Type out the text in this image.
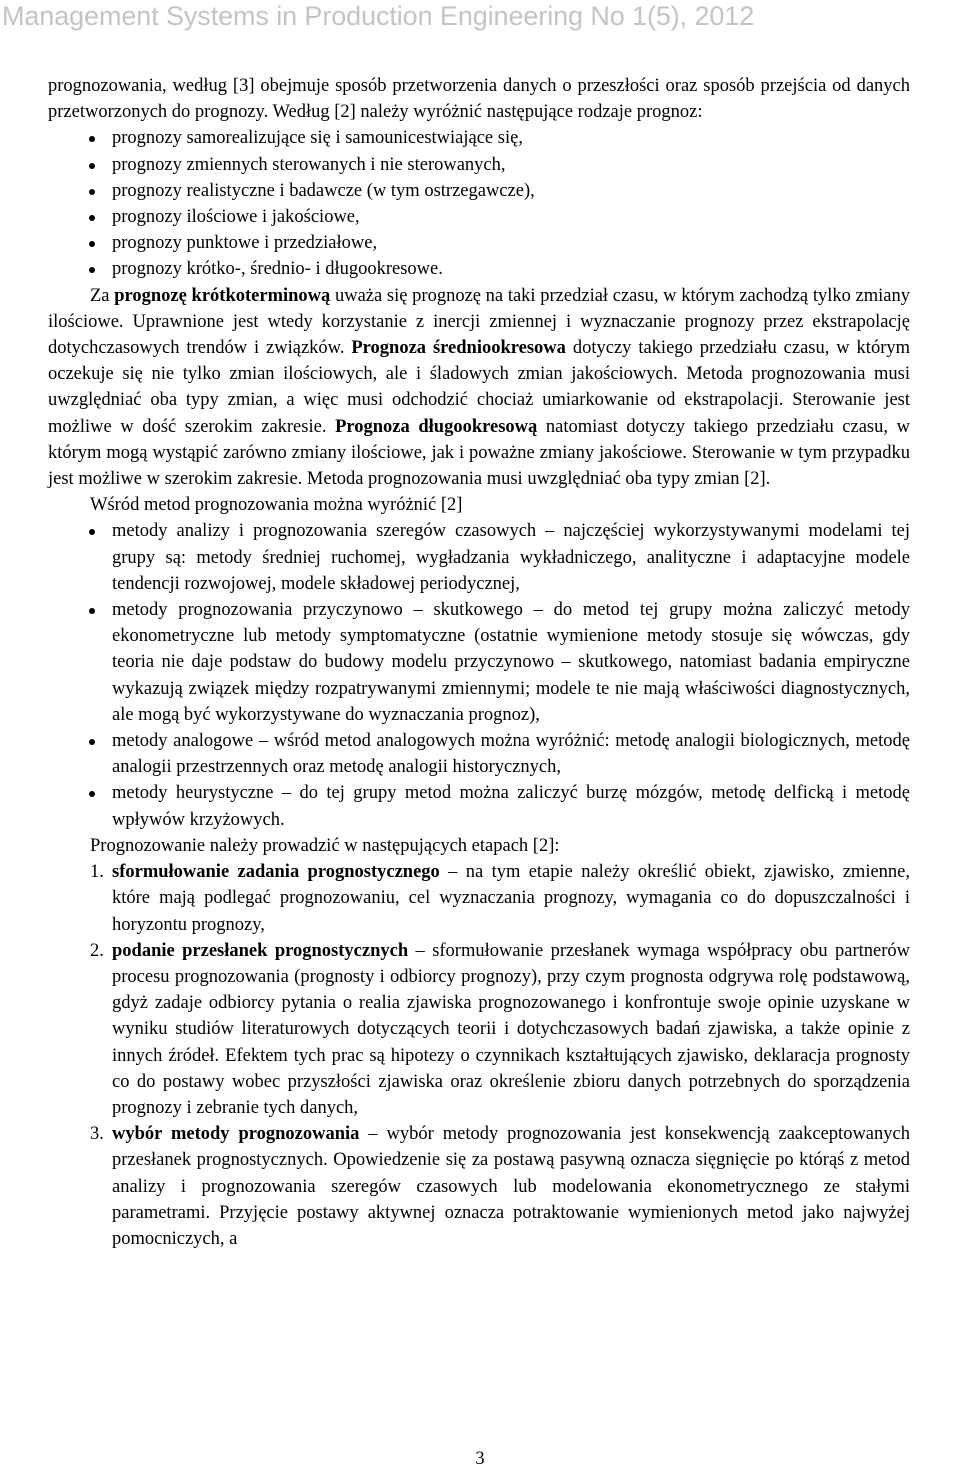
Management Systems in Production Engineering No 1(5), 2012

prognozowania, według [3] obejmuje sposób przetworzenia danych o przeszłości oraz sposób przejścia od danych przetworzonych do prognozy. Według [2] należy wyróżnić następujące rodzaje prognoz:

prognozy samorealizujące się i samounicestwiające się,
prognozy zmiennych sterowanych i nie sterowanych,
prognozy realistyczne i badawcze (w tym ostrzegawcze),
prognozy ilościowe i jakościowe,
prognozy punktowe i przedziałowe,
prognozy krótko-, średnio- i długookresowe.

Za prognozę krótkoterminową uważa się prognozę na taki przedział czasu, w którym zachodzą tylko zmiany ilościowe. Uprawnione jest wtedy korzystanie z inercji zmiennej i wyznaczanie prognozy przez ekstrapolację dotychczasowych trendów i związków. Prognoza średniookresowa dotyczy takiego przedziału czasu, w którym oczekuje się nie tylko zmian ilościowych, ale i śladowych zmian jakościowych. Metoda prognozowania musi uwzględniać oba typy zmian, a więc musi odchodzić chociaż umiarkowanie od ekstrapolacji. Sterowanie jest możliwe w dość szerokim zakresie. Prognoza długookresową natomiast dotyczy takiego przedziału czasu, w którym mogą wystąpić zarówno zmiany ilościowe, jak i poważne zmiany jakościowe. Sterowanie w tym przypadku jest możliwe w szerokim zakresie. Metoda prognozowania musi uwzględniać oba typy zmian [2].

Wśród metod prognozowania można wyróżnić [2]

metody analizy i prognozowania szeregów czasowych – najczęściej wykorzystywanymi modelami tej grupy są: metody średniej ruchomej, wygładzania wykładniczego, analityczne i adaptacyjne modele tendencji rozwojowej, modele składowej periodycznej,
metody prognozowania przyczynowo – skutkowego – do metod tej grupy można zaliczyć metody ekonometryczne lub metody symptomatyczne (ostatnie wymienione metody stosuje się wówczas, gdy teoria nie daje podstaw do budowy modelu przyczynowo – skutkowego, natomiast badania empiryczne wykazują związek między rozpatrywanymi zmiennymi; modele te nie mają właściwości diagnostycznych, ale mogą być wykorzystywane do wyznaczania prognoz),
metody analogowe – wśród metod analogowych można wyróżnić: metodę analogii biologicznych, metodę analogii przestrzennych oraz metodę analogii historycznych,
metody heurystyczne – do tej grupy metod można zaliczyć burzę mózgów, metodę delficką i metodę wpływów krzyżowych.

Prognozowanie należy prowadzić w następujących etapach [2]:

1. sformułowanie zadania prognostycznego – na tym etapie należy określić obiekt, zjawisko, zmienne, które mają podlegać prognozowaniu, cel wyznaczania prognozy, wymagania co do dopuszczalności i horyzontu prognozy,
2. podanie przesłanek prognostycznych – sformułowanie przesłanek wymaga współpracy obu partnerów procesu prognozowania (prognosty i odbiorcy prognozy), przy czym prognosta odgrywa rolę podstawową, gdyż zadaje odbiorcy pytania o realia zjawiska prognozowanego i konfrontuje swoje opinie uzyskane w wyniku studiów literaturowych dotyczących teorii i dotychczasowych badań zjawiska, a także opinie z innych źródeł. Efektem tych prac są hipotezy o czynnikach kształtujących zjawisko, deklaracja prognosty co do postawy wobec przyszłości zjawiska oraz określenie zbioru danych potrzebnych do sporządzenia prognozy i zebranie tych danych,
3. wybór metody prognozowania – wybór metody prognozowania jest konsekwencją zaakceptowanych przesłanek prognostycznych. Opowiedzenie się za postawą pasywną oznacza sięgnięcie po którąś z metod analizy i prognozowania szeregów czasowych lub modelowania ekonometrycznego ze stałymi parametrami. Przyjęcie postawy aktywnej oznacza potraktowanie wymienionych metod jako najwyżej pomocniczych, a
3
